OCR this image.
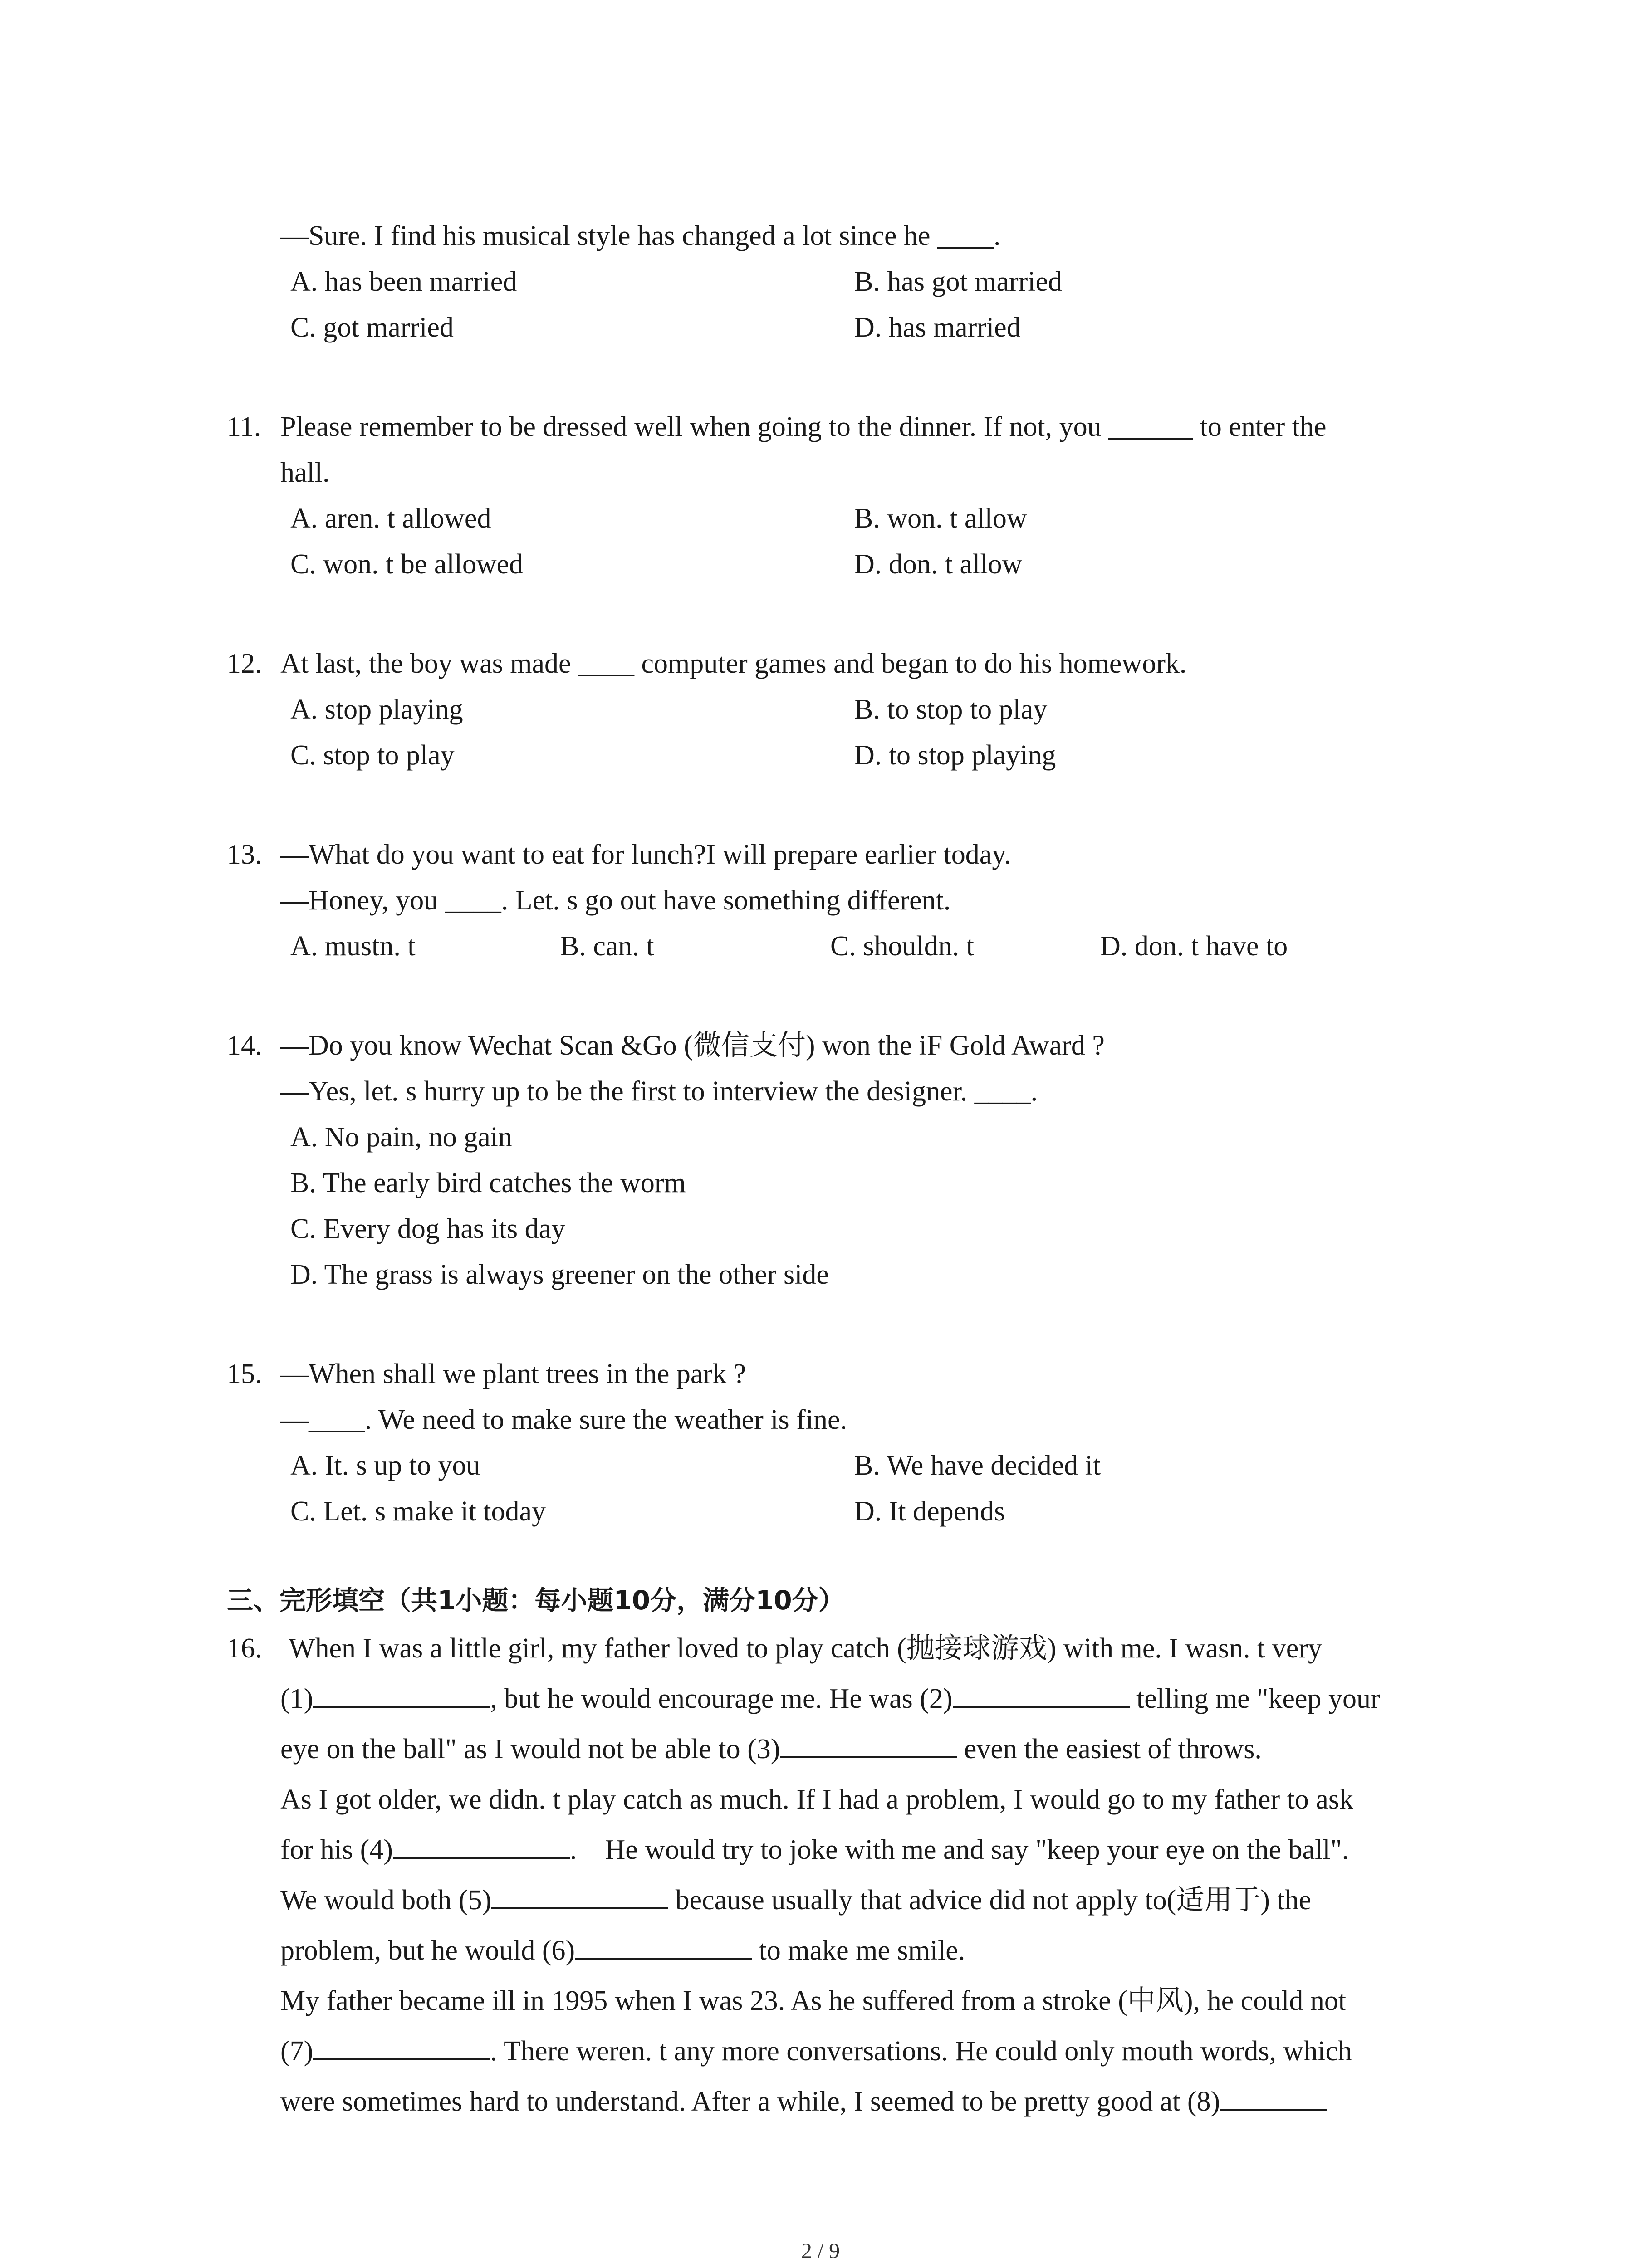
—Sure. I find his musical style has changed a lot since he ____.
A. has been married	B. has got married
C. got married	D. has married
11. Please remember to be dressed well when going to the dinner. If not, you ______ to enter the
hall.
A. aren. t allowed	B. won. t allow
C. won. t be allowed	D. don. t allow
12. At last, the boy was made ____ computer games and began to do his homework.
A. stop playing	B. to stop to play
C. stop to play	D. to stop playing
13. —What do you want to eat for lunch?I will prepare earlier today.
—Honey, you ____. Let. s go out have something different.
A. mustn. t	B. can. t	C. shouldn. t	D. don. t have to
14. —Do you know Wechat Scan &Go (微信支付) won the iF Gold Award ?
—Yes, let. s hurry up to be the first to interview the designer. ____.
A. No pain, no gain
B. The early bird catches the worm
C. Every dog has its day
D. The grass is always greener on the other side
15. —When shall we plant trees in the park ?
—____. We need to make sure the weather is fine.
A. It. s up to you	B. We have decided it
C. Let. s make it today	D. It depends
三、完形填空（共1小题：每小题10分，满分10分）
16. When I was a little girl, my father loved to play catch (抛接球游戏) with me. I wasn. t very
(1)	, but he would encourage me. He was (2)	telling me "keep your
eye on the ball" as I would not be able to (3)	even the easiest of throws.
As I got older, we didn. t play catch as much. If I had a problem, I would go to my father to ask
for his (4)	.    He would try to joke with me and say "keep your eye on the ball".
We would both (5)	because usually that advice did not apply to(适用于) the
problem, but he would (6)	to make me smile.
My father became ill in 1995 when I was 23. As he suffered from a stroke (中风), he could not
(7)	. There weren. t any more conversations. He could only mouth words, which
were sometimes hard to understand. After a while, I seemed to be pretty good at (8)
2 / 9
